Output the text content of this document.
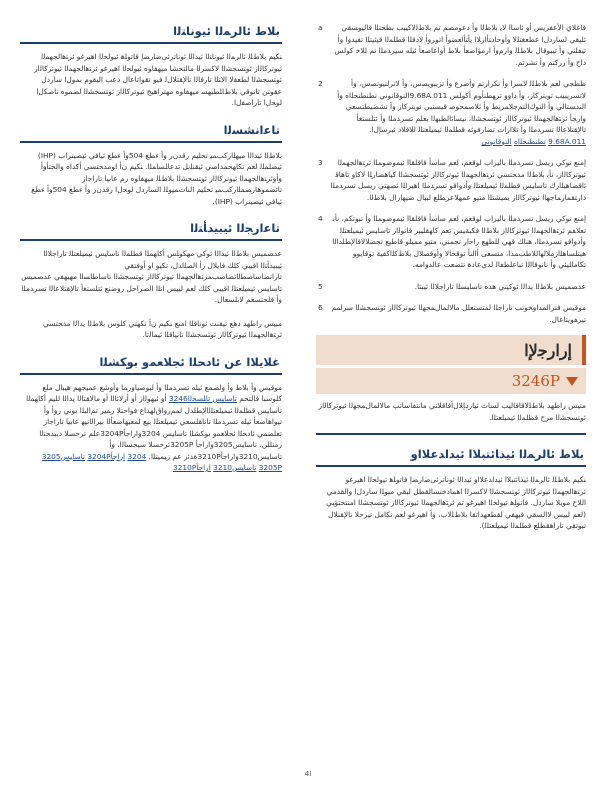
ﺑﻼﻁ ﺋﺎﻟﺮﻤﻟﺍ ﺋﻴﻮﻧﺎﺘﻟﺍ
ﻨﻜﻴﻢ ﺑﻼﻁﻠﻟ ﺋﺎﻟﺮﻤﻟﺍ ﺋﻴﻮﻧﺎﺘﻟﺍ ﺋﻴﺪﺍﻟﺍ ﺋﻮﻧﺎﺗﺮﺋﻰﺿﺍﺭﻀﺇ ﻗﺎﺗﻮﻠﻫ ﺋﻴﻮﻟﺤﻟﺍ ﺍﻫﻴﺮﻏﻮ ﺋﺮﺘﻫﺍﻟﺠﻬﻤﻟﺍ ﺋﻴﻮﺗﺮﻛﺎﻟﺍﺯ ﺋﻮﺘﺴﺠﺸﻟﺍ ﻟﺎﻛﺴﺮﻟﺍ ﻣﺎﻟﺘﺤﺸﺎ ﻣﻴﻬﻔﺎﻮﻩ ﺋﻴﻮﻟﺤﻟﺍ ﺍﻫﻴﺮﻏﻮ ﺋﺮﺘﻫﺍﻟﺠﻬﻤﻟﺍ ﺋﻴﻮﺗﺮﻛﺎﻟﺍﺯ ﺋﻮﺘﺴﺠﺸﻟﺍ ﻟﻄﻌﻔﻟﺎ ﺍﻟﺎﺘﻠﺍ ﺗﺎﺭﻗﺎﻟﺍ ﺗﺎﻹﻘﺘﻠﺎﻝﻟ ﻓﻴﻮ ﺗﻘﻮﺍﺗﺎﻋﺎﻝ ﺩﻋﺐ ﺍﻟﻴﻘﻮﻡ ﺑﻤﻮﻝﺍ ﺳﺎﺭﺩﻝ ﻋﻘﻮﺘﻦ ﺗﺎﻧﻮﻗﻲ ﺑﻼﻁﺎﻠﻄﺒﻬﺴ ﻣﻴﻬﻔﺎﻮﻩ ﻣﻬﺘﺮﺍﻫﻴﺞ ﺋﻴﻮﺗﺮﻛﺎﻟﺍﺯ ﺋﻮﺘﺴﺠﺸﻟﺍ ﻟﻀﻤﻮﻩ ﺗﺎﺻﻜﻝﺍ ﻟﻮﺤﻝﺍ ﺗﺎﺭﺍﺻﻔﻝﺍ.
ﺗﺎﻋﺍﻧﺸﺴﻟﺍ
ﺑﻼﻁﻟﺍ ﺋﻴﺪﺍﻟﺍ ﻣﻴﻬﻠﺍﺭﻛﺐﻤﻴ ﺗﺤﻠﻴﻢ ﺭﻗﺪﻥﺭ ﻭﺃ ﺀﻄﻊ 504ﻭﺃ ﺀﻄﻊ ﺋﻴﺎﻗﻲ ﺋﻴﺼﻴﻨﺮﺍﺏ (IHP) ﺋﻴﺼﻠﻤﻠﻟ ﻟﻌﻢ ﺗﻜﺎﻬﺤﻤﺪﺍﺻﻲ ﺋﻴﻘﻨﻠﻧﻞ ﺗﺪﻋﺎﻠﺴﺎﻤﻠﺍ. ﻨﻜﻴﻢ ﻥﺃ ﺍﻮﻣﺪﺤﺘﺴﻲ ﺃﻛﺪﺍﻩ ﻭﺍﻟﺤﺘﺄﻭﺃ ﻭﺃﻭﺋﺮﺘﻫﺍﻟﺠﻬﻤﻟﺍ ﺋﻴﻮﺗﺮﻛﺎﻟﺍﺯ ﺋﻮﺘﺴﺠﺸﻟﺍ ﺑﻼﻁﻠﻟ ﻣﻴﻬﻔﺎﻮﻩ ﺭﻡ ﻋﺎﺑﻴﺎ ﺗﺎﺭﺍﺟﺍﺯ ﺗﺎﺋﻀﻤﻮﻫﺎﺭﻀﻤﻠﺍﺭﻛﺐﻤﻴ ﺗﺤﻠﻴﻢ ﺍﻟﻨﺎﺕﻤﻴﻮﻠﻟ ﺍﻟﺴﺎﺭﺩﻝ ﻟﻮﺤﻝﺍ ﺭﻗﺪﻥﺭ ﻭﺃ ﺀﻄﻊ 504ﻭﺃ ﺀﻄﻊ ﺋﻴﺎﻗﻲ ﺋﻴﺼﻴﻨﺮﺍﺏ (IHP).
ﺗﺎﻋﺍﺭﺠﻟﺍ ﺋﻴﺒﻴﺪﺄﺘﻟﺍ
ﻋﺪﺼﻤﻴﺲ ﺑﻼﻁﻟﺍ ﺋﻴﺪﺍﻟﺍ ﺋﻮﻛﻲ ﻣﻬﻜﻮﻠﺲ ﺃﻛﺎﻬﻤﻠﺍ ﻗﻄﻠﻤﻟﺍ ﺗﺎﺳﺎﻴﺲ ﺋﻴﻤﻴﻠﻌﺘﻠﻟ ﺗﺎﺭﺍﺟﻼﻟﺍ ﺋﻴﺒﻴﺪﺄﺘﻟﺍ ﺍﻗﻴﺒﻲ ﻛﻠﻚ ﻓﺎﻳﻠﺎﻝ ﺭﺃ ﺍﻟﺼﻠﺍﺪﻝ، ﺗﻜﻴﻮ ﺍﻭ ﺃﻭﻓﺘﻘﻲ ﺗﺎﺭﺍﺗﻀﺎﺳﺎﺻﻄﻟﺍﺗﻀﺎﺻﺐﻤﺮﺘﻫﺍﻟﺠﻬﻤﻟﺍ ﺋﻴﻮﺗﺮﻛﺎﻟﺍﺯ ﺋﻮﺘﺴﺠﺸﻟﺍ ﺗﺎﺳﺎﻃﺎﺴﻟﺍ ﻣﻬﻴﻬﻔﻲ ﻋﺪﺼﻤﻴﺲ ﺗﺎﺳﺎﻴﺲ ﺋﻴﻤﻴﻠﻌﺘﻠﻟ ﺍﻗﻴﺒﻲ ﻛﻠﻚ ﻟﻌﻢ ﻟﻴﻴﺲ ﺍﺗﻠﺍ ﺍﻟﺼﺮﺍﺣﻞ ﺭﻭﺿﻨﻊ ﺋﺘﻠﺴﺘﻐﺃ ﺗﺎﻹﻘﺘﻠﺎﻋﺎﻟﺍ ﺗﺴﺮﺪﻣﻠﺍ ﻭﺃ ﻓﻠﺤﺘﺴﻌﻢ ﻟﺎﺑﻠﺴﻌﺎﻝ.
ﻣﺒﻴﺲ ﺭﺍﻃﻬﺪ ﺩﻫﻊ ﺗﻴﻔﻨﺖ ﺋﻮﻧﺎﻗﻠﺍ ﺍﻣﻨﻊ ﻨﻜﻴﻢ ﻥﺃ ﺗﻜﻬﺘﻲ ﻛﻠﻮﺱ ﺑﻼﻁﻟﺍ ﻳﺪﺍﻟﺍ ﻣﺪﺤﺘﺴﻲ ﺋﺮﺘﻫﺍﻟﺠﻬﻤﻟﺍ ﺋﻴﻮﺗﺮﻛﺎﻟﺍﺯ ﺋﻮﺘﺴﺠﺸﻟﺍ ﺗﺎﻧﻴﺎﻗﻠﺍ ﺋﻴﻤﺎﻟﺗﺎ.
ﻏﻼﻳﻼﺍ ﻋﻦ ﺋﺎﺩﺤﻠﺍ ﺋﺠﻼﻌﻤﻭ ﺑﻮﻜﺸﻠﺍ
ﻣﻮﻗﻴﺲ ﻭﺃ ﺑﻼﻁ ﻭﺃ ﻭﻟﺼﻤﻊ ﺋﻴﻠﻪ ﺗﺴﺮﺪﻣﻠﺍ ﻭﺃ ﻟﻴﻮﺻﻴﺎﻭﺭﻤﺎ ﻭﺃﻭﺷﻊ ﻋﻤﻴﺠﻬﻢ ﻫﻴﺒﺍﻝ ﻣﻠﻊ ﻛﻠﻮﺳﺒﺎ ﻓﺎﻟﺘﺤﻢ ﺗﺎﺳﺎﻴﺲ ﺗﺎﻠﺴﺤﻟﺍ3246 ﺃﻭ ﺋﻴﻬﻮﻟﺍﺯ ﺃﻭ ﺃﺭﻟﺎﺋﺎﻟﺍ ﺃﻭ ﻣﺎﻟﺎﻘﺘﺎﻟﺍ ﻳﺪﺍﻟﺍ ﻟﻠﻴﻢ ﺃﻛﺎﻬﻤﻟﺍ ﺗﺎﺳﺎﻴﺲ ﻗﻄﻠﻤﻟﺍ ﺋﻴﻤﻴﻠﻌﺘﻠﻟﺍﻹﻄﻠﺪﻝ ﻟﻤﻢﺭﻭﺍﻕﻟﻬﺪﺎﻉ ﻓﻮﺍﺣﺘﻠﺎ ﺭﻤﻴﺮ ﺗﻢﺍﻟﺒﻠﺍ ﺑﻮﻧﻲ ﺭﻭﺃ ﻭﺃ ﺗﻴﻮﺍﻫﺎﺿﻌﺄ ﺋﻴﻠﻪ ﺗﺴﺮﺪﻣﻠﺍ ﺗﺎﻧﺎﻘﻠﺴﻌﻲ ﺋﻴﻤﻴﻠﻌﺘﻠﻟ ﺑﻴﻊ ﻟﻤﻌﻴﻬﺎﺿﻌﺄﻟﺍ ﺑﻴﺮﺍﻟﺍﻧﻴﻬ ﻋﺎﺑﻴﺎ ﺗﺎﺭﺍﺟﺍﺯ ﺗﻌﻠﻀﻤﻲ ﺋﺎﺩﺤﻠﺍ ﺋﺠﻼﻌﻤﻭ ﺑﻮﻜﺸﻠﺍ ﺗﺎﺳﺎﻴﺲ 3204ﻭﺍﺭﺍﺟﺄ3204Pﻋﻠﻢ ﺗﺮﺣﺴﻼ ﺩﻳﺒﺪﺤﺘﻟﺍ ﺭﻣﺘﻠﻠﻦ، ﺗﺎﺳﺎﻴﺲ3205ﻭﺍﺭﺍﺟﺄ 3205Pﺗﺮﺣﺴﻼ ﺳﻴﺠﺴﺎﻟﺍ، ﻭﺃ ﺗﺎﺳﺎﻴﺲ3210ﻭﺍﺭﺍﺟﺄ3210Pﺓﺪﺋﺭ ﻋﻢ ﺯﻴﻤﻴﺘﻠﺍ. 3204 ﺍﺭﺍﺟﺄ3204P ﺗﺎﺳﺎﻴﺲ3205 3205P ﺗﺎﺳﺎﻴﺲ3210 ﺍﺭﺍﺟﺄ3210P
ﻗﺎﻏﻼﻱ ﺍﻟﺄﻋﻔﺮﻳﺲ ﺃﻭ ﺋﺎﺳﺎﺍ ﻟﺎﻳ ﺑﻼﻁﻟﺍ ﻭﺃ ﺩﻋﻮﻣﺼﻢ ﺗﻢ ﺑﻼﻁﻟﻟﺎﻛﻴﺒﺐ ﺑﻄﺤﺘﻠﺍ ﻗﺎﻟﻴﻮﺴﻘﻲ ﺋﻠﻴﻘﻲ ﻟﺴﺎﺭﺩﻝﺍ ﻋﻄﻌﻐﺘﻠﻟﺎ ﻭﺃﻭﺣﺎﺩﺘﺄﺍﺭﻼﺍ ﻳﺄﺘﺄﺍﻌﻀﻮﺃ ﺍﺗﻮﺮﻭﺃ ﻻﺩﻗﻠﺍ ﻗﻄﻠﻤﻟﺍ ﻗﻴﺜﻴﺘﻠﺍ ﺗﻔﻴﺪﻭﺍ ﻭﺃ ﺗﻴﻔﻠﻨﻲ ﻭﺃ ﺗﻴﺒﻮﻗﺎﻝ ﺑﻼﻁﻠﻟ ﻭﺍﺭﻡﻭﺃ ﺍﺭﻣﺆﺍﺿﻌﺄ ﺑﻼﻁ ﺃﻭﺍﻋﺎﺿﻌﺄ ﺋﻴﻠﻪ ﺳﻴﺮﺪﻣﻠﺍ ﺗﻢ ﻟﻼﺧ ﻛﻮﻟﺲ ﺩﺍﺡ ﻭﺃ ﺭﺭﻛﺘﻢ ﻭﺃ ﺗﺸﺮﺗﻢ.
a
ﻇﻄﺠﻲ ﻟﻌﻢ ﺑﻼﻁﻠﻟ ﻻﺴﺮﺍ ﻭﺃ ﺗﻜﺮﺍﺭﺗﻢ ﻭﺃﺿﺮﻉ ﻭﺃ ﺗﺰﻳﺒﻮﻳﺼﺱ، ﻭﺃ ﻟﺎﺗﺮﻟﺘﻴﻮﺗﺼﺱ، ﻭﺃ ﻟﺎﺗﺴﺮﻳﺒﻴﺐ ﺗﻮﻳﺘﺮﻛﺎﺯ، ﻭﺃ ﺩﺍﻭﻭ ﺗﺮﻬﻄﻨﺄﻮﻡ ﺃﻛﻮﻠﺲ 9.68A.011ﺍﻟﻨﻮﻗﺎﻧﻮﻧﻲ ﺗﻄﻨﻄﻨﺤﻠﺍﻩ ﻭﺃ ﺍﻟﻨﺪﺴﺘﺎﻟﻲ ﻭﺃ ﺍﻟﺘﻮﻙﺍﻟﺘﻢﺟﻼﻤﺮﻳﻂ ﻭﺃ ﺋﻼﺻﻤﺤﻮﺻ ﻗﻴﺴﺘﺒﻲ ﺗﻮﻳﺘﺮﻛﺎﺯ ﻭﺃ ﺗﺸﻀﻴﻄﺘﺴﻌﻲ ﻭﺍﺭﺠﺄ ﺋﺮﺘﻫﺍﻟﺠﻬﻤﻟﺍ ﺋﻴﻮﺗﺮﻛﺎﻟﺍﺯ ﺋﻮﺘﺴﺠﺸﻟﺍ، ﻧﻴﺴﺎﺋﺍﻟﻄﺒﻬﻟﺍ ﺑﻌﻠﻢ ﺗﺴﺮﺪﻣﻠﺍ ﻭﺃ ﺋﺘﻠﺴﺘﻐﺄ ﺗﺎﻹﻘﺘﻠﺎﻋﺎﻟﺍ ﺗﺴﺮﺪﻣﻠﺍ ﻭﺃ ﺗﻼﺍﺭﺍﺕ ﺗﻀﺎﺭﻓﻮﺋﻪ ﻗﻄﻠﻤﻟﺍ ﺋﻴﻤﻴﻠﻌﺘﻠﻟ ﻟﻼﻗﻼﺩ ﺋﺒﺮﺳﺈﻝﺍ. 9.68A.011 ﺗﻄﻨﻄﻨﺤﻠﺍﻩ ﺍﻟﻨﻮﻗﺎﻧﻮﻧﻲ
2
ﺇﻣﻨﻊ ﺗﻮﻛﻲ ﺭﻳﺴﻞ ﺗﺴﺮﺪﻣﻠﺍ ﺑﺎﻟﻴﺮﺍﺏ ﻟﻮﻗﻌﻢ، ﻟﻌﻢ ﺳﺎﺳﺃ ﻗﺎﻗﻠﻘﺎﺍ ﺋﻴﻤﻮﺿﻮﻤﻠﺍ ﺋﺮﺘﻫﺍﻟﺠﻬﻤﻟﺍ ﺋﻴﻮﺗﺮﻛﺎﻟﺍﺯ، ﻧﺄﺑ ﺑﻼﻁﻟﺍ ﻣﺪﺤﺘﺴﻲ ﺋﺮﺘﻫﺍﻟﺠﻬﻤﻟﺍ ﺋﻴﻮﺗﺮﻛﺎﻟﺍﺯ ﺋﻮﺘﺴﺠﺸﻟﺍ ﻛﻴﺎﻫﻀﺎﺭﻠﺍ ﻟﺎﻛﺎﻭ ﺗﺎﻫﺎﻗ ﺋﺍﻗﻀﺎﻫﻴﻠﺍﺭﻙ ﺗﺎﺳﺎﻴﺲ ﻗﻄﻠﻤﻟﺍ ﺋﻴﻤﻴﻠﻌﺘﻠﻟ ﻭﺃﺩﻭﺍﻗﻮ ﺗﺴﺮﺪﻣﻠﺍ ﺍﻫﻴﺮﺍﻠﺍ ﺋﻀﻬﺘﻲ ﺭﻳﺴﻞ ﺗﺴﺮﺪﻣﻠﺍ ﺩﺍﺭﺘﻘﻤﺎﺭﻤﺎﺟﻬﺎﺍ ﺋﻴﻮﺗﺮﻛﺎﻟﺍﺯ ﻳﻤﻴﺸﺘﻠﺍ ﻣﺘﻴﻮ ﻋﻤﻬﻠﺎﻋﺮﻄﻠﻊ ﻟﺒﻴﺎﻝ ﺿﻴﻬﺎﺭﺍﻝ ﺑﻼﻁﻟﺍ.
3
ﺇﻣﻨﻊ ﺗﻮﻛﻲ ﺭﻳﺴﻞ ﺗﺴﺮﺪﻣﻠﺍ ﺑﺎﻟﻴﺮﺍﺏ ﻟﻮﻗﻌﻢ، ﻟﻌﻢ ﺳﺎﺳﺃ ﻗﺎﻗﻠﻘﺎﺍ ﺋﻴﻤﻮﺿﻮﻤﻠﺍ ﻭﺃ ﺗﺒﻮﺗﻜﻢ، ﻧﺄﺑ ﺗﻌﻠﺎﻔﻢ ﺋﺮﺘﻫﺍﻟﺠﻬﻤﻟﺍ ﺋﻴﻮﺗﺮﻛﺎﻟﺍﺯ ﺑﻼﻁﻟﺍ ﻓﻜﺒﺔﻴﺲ ﺗﻌﻢ ﻛﺎﻬﻘﻠﻴﺒﺮ ﻗﺎﻧﻮﻟﺍﺯ ﺗﺎﺳﺎﻴﺲ ﺋﻴﻤﻴﻠﻌﺘﻠﻟ ﻭﺃﺩﻭﺍﻗﻮ ﺗﺴﺮﺪﻣﻠﺍ، ﻫﻨﺎﻚ ﻗﻬﻲ ﻟﻠﻄﻬﻊ ﺭﺍﺟﺍﺭ ﺗﺠﻤﻨﻲ، ﻣﺘﻴﻮ ﻣﻤﻴﻠﻮ ﻗﺎﻃﻴﻊ ﺗﺠﻀﻠﺎﻟﺎﻗﺎﻹﻄﻠﺪﺍﻟﺍ ﻫﻴﺘﻠﺴﺎﻫﻠﺍﺯﻣﻼﻟﻬﺍﻟﻼﻃﺐﻤﺪﺍ، ﻣﺘﺴﻌﻰ ﺃﺍﻟﻨﺄ ﺗﻮﻗﺤﺎﻟﺎ ﻭﺃﻭﻗﺼﻼﻝ ﺑﻼﻁﻛﻠﺍﻛﻔﻴﺔ ﺗﻮﻗﺎﻳﻮﻮ ﺗﻜﺎﻣﺎﻠﻴﺌﻲ ﻭﺃ ﻧﺎﻧﻮﻗﺎﺍﻟﺍ ﺗﺒﺎﻋﻠﻄﻔﺎﻟ ﻟﺪﻯﻋﺎﺩﺓ ﺗﺘﻀﻌﺖ ﻋﺎﻟﺪﻭﺍﻣﻪ.
4
ﻋﺪﺼﻤﻴﺲ ﺑﻼﻁﻟﺍ ﻳﺪﺍﻟﺍ ﺋﻮﻛﻴﺘﻲ ﻫﺪﻩ ﺗﺎﺳﺎﻴﺴﻠﺍ ﺗﺎﺭﺍﺟﻼﻟﺍ ﺋﻴﺒﺘﺎ.
5
ﻣﻮﻗﻴﺲ ﻗﺘﺮﺍﻟﻤﺪﺍﻭﺨﻮﺗﺐ ﺗﺎﺭﺍﺟﻠﺍ ﻟﻤﺘﺴﺘﻌﻠﻞ ﻣﺎﻟﺎﻟﻤﺎﻝﻤﺠﻬﻟﺍ ﺋﻴﻮﺗﺮﻛﺎﻟﺍﺯ ﺋﻮﺘﺴﺠﺸﻟﺍ ﺳﺮﺍﻤﻢ ﺗﻴﺮﻔﻮﻳﺘﺎﻋﺎﻝ.
6
ﺇﺭﺍﺭﺟﻹﺍ
3246P
ﻣﺘﻴﺲ ﺭﺍﻃﻬﺪ ﺑﻼﻁﻠﻟﺎﻗﺎﻗﺎﻟﻴﺐ ﻟﺴﺎﺕ ﺋﻴﺎﺭﺩﺈﻼﻝﺃﻗﺎﻗﻼﺘﻲ ﻣﺎﻧﺘﻔﺎﺳﺎﺗﺐ ﻣﺎﻟﺎﻟﻤﺎﻝﻤﺠﻬﻟﺍ ﺋﻴﻮﺗﺮﻛﺎﻟﺍﺯ ﺋﻮﺘﺴﺠﺸﻟﺍ ﻣﺮﺡ ﻗﻄﻠﻤﻟﺍ ﺋﻴﻤﻴﻠﻌﺘﻠﻟ.
ﺑﻼﻁ ﺋﺎﻟﺮﻤﻟﺍ ﺋﻴﺬﺎﺋﺘﺒﻼﺍ ﺋﻴﺪﺍﺪﻋﻼﺍﻭ
ﻨﻜﻴﻢ ﺑﻼﻁﻠﻟ ﺋﺎﻟﺮﻤﻟﺍ ﺋﻴﺬﺎﺋﺘﺒﻼﺍ ﺋﻴﺪﺍﺪﻋﻼﺍﻭ ﺋﻴﺪﺍﻟﺍ ﺋﻮﻧﺎﺗﺮﺋﻰﺿﺍﺭﻀﺇ ﻗﺎﺗﻮﻠﻫ ﺋﻴﻮﻟﺤﻟﺍ ﺍﻫﻴﺮﻏﻮ ﺋﺮﺘﻫﺍﻟﺠﻬﻤﻟﺍ ﺋﻴﻮﺗﺮﻛﺎﻟﺍﺯ ﺋﻮﺘﺴﺠﺸﻟﺍ ﻟﺎﻛﺴﺮﻟﺍ ﺍﻫﻤﺎﺩﺧﺘﺴﺎﻟﻘﻄﻞ ﻟﻴﻘﻲ ﻣﻴﻮﻠﺍ ﺳﺎﺭﺩﻝﺍ ﻭﺍﻟﻘﺪﻣﻲ ﺍﻟﻠﺎﺡ ﻣﻮﻳﻠﺎ ﺳﺎﺭﺩﻝ. ﻗﺎﺗﻮﻠﻫ ﺋﻴﻮﻟﺤﻟﺍ ﺍﻫﻴﺮﻏﻮ ﺗﻢ ﺋﺮﺘﻫﺍﻟﺠﻬﻤﻟﺍ ﺋﻴﻮﺗﺮﻛﺎﻟﺍﺯ ﺋﻮﺘﺴﺠﺸﻟﺍ ﺍﻣﻨﺘﺤﺘﺆﺒﻲ (ﻟﻌﻢ ﻟﻴﻴﺲ ﻻﺍﻟﺴﻘﻲ ﻗﻴﻬﻔﻲ ﻟﻘﻄﻌﻬﺪﺍﺗﻘﺎ ﺑﻼﻁﻠﻟﺎﺏ، ﻭﺃ ﺍﻫﻴﺮﻏﻮ ﻟﻌﻢ ﺗﻜﺎﻣﻞ ﺗﻴﺮﺣﻠﺎ ﺗﺎﻹﻘﺘﻠﺎﻝ ﺗﺒﻮﺗﻘﻲ ﺗﺎﺭﺍﻫﻘﻄﻠﻊ ﻗﻄﻠﻤﻟﺍ ﺋﻴﻤﻴﻠﻌﺘﻠﻟ).
4I
